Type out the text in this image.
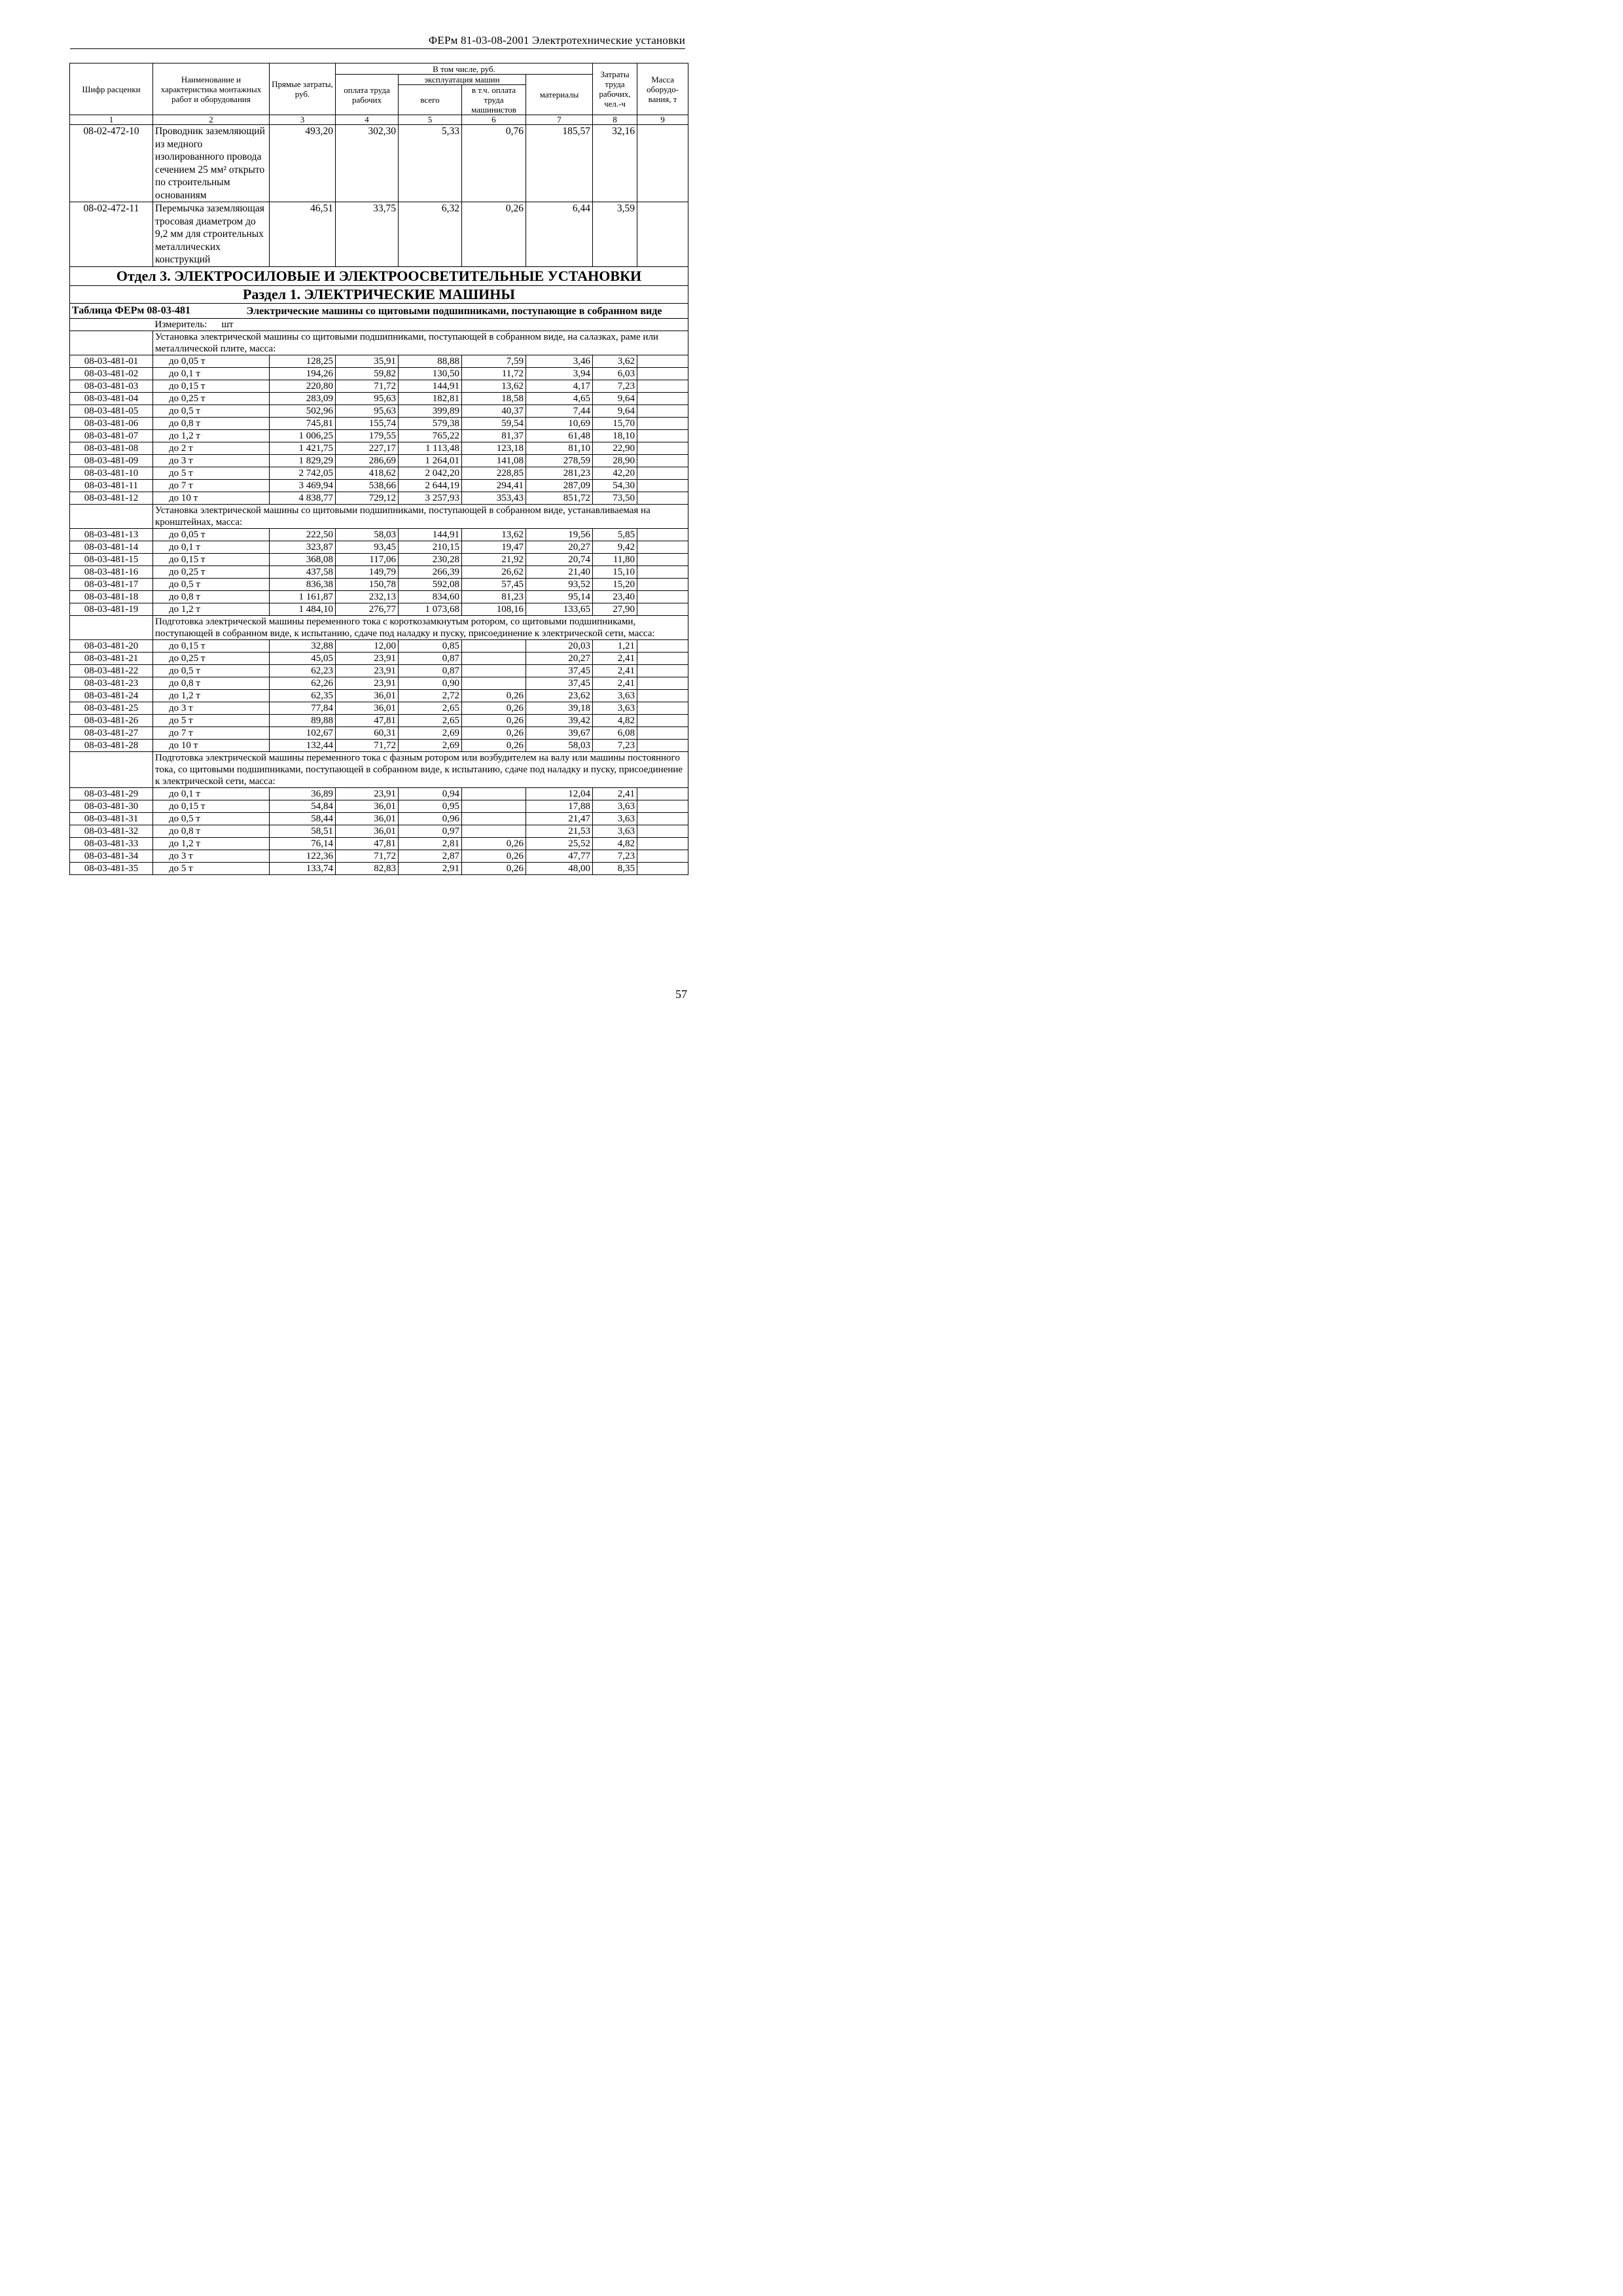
ФЕРм 81-03-08-2001 Электротехнические установки
Шифр расценки	Наименование и характеристика монтажных работ и оборудования	Прямые затраты, руб.	В том числе, руб.				Затраты труда рабочих, чел.-ч	Масса оборудо-вания, т
			оплата труда рабочих	эксплуатация машин		материалы		
				всего	в т.ч. оплата труда машинистов			
1	2	3	4	5	6	7	8	9
08-02-472-10	Проводник заземляющий из медного изолированного провода сечением 25 мм² открыто по строительным основаниям	493,20	302,30	5,33	0,76	185,57	32,16	
08-02-472-11	Перемычка заземляющая тросовая диаметром до 9,2 мм для строительных металлических конструкций	46,51	33,75	6,32	0,26	6,44	3,59	
Отдел 3. ЭЛЕКТРОСИЛОВЫЕ И ЭЛЕКТРООСВЕТИТЕЛЬНЫЕ УСТАНОВКИ								
Раздел 1. ЭЛЕКТРИЧЕСКИЕ МАШИНЫ								
Таблица ФЕРм 08-03-481		Электрические машины со щитовыми подшипниками, поступающие в собранном виде						

	Измеритель: шт							
	Установка электрической машины со щитовыми подшипниками, поступающей в собранном виде, на салазках, раме или металлической плите, масса:							
08-03-481-01	до 0,05 т	128,25	35,91	88,88	7,59	3,46	3,62	
08-03-481-02	до 0,1 т	194,26	59,82	130,50	11,72	3,94	6,03	
08-03-481-03	до 0,15 т	220,80	71,72	144,91	13,62	4,17	7,23	
08-03-481-04	до 0,25 т	283,09	95,63	182,81	18,58	4,65	9,64	
08-03-481-05	до 0,5 т	502,96	95,63	399,89	40,37	7,44	9,64	
08-03-481-06	до 0,8 т	745,81	155,74	579,38	59,54	10,69	15,70	
08-03-481-07	до 1,2 т	1 006,25	179,55	765,22	81,37	61,48	18,10	
08-03-481-08	до 2 т	1 421,75	227,17	1 113,48	123,18	81,10	22,90	
08-03-481-09	до 3 т	1 829,29	286,69	1 264,01	141,08	278,59	28,90	
08-03-481-10	до 5 т	2 742,05	418,62	2 042,20	228,85	281,23	42,20	
08-03-481-11	до 7 т	3 469,94	538,66	2 644,19	294,41	287,09	54,30	
08-03-481-12	до 10 т	4 838,77	729,12	3 257,93	353,43	851,72	73,50	
	Установка электрической машины со щитовыми подшипниками, поступающей в собранном виде, устанавливаемая на кронштейнах, масса:							
08-03-481-13	до 0,05 т	222,50	58,03	144,91	13,62	19,56	5,85	
08-03-481-14	до 0,1 т	323,87	93,45	210,15	19,47	20,27	9,42	
08-03-481-15	до 0,15 т	368,08	117,06	230,28	21,92	20,74	11,80	
08-03-481-16	до 0,25 т	437,58	149,79	266,39	26,62	21,40	15,10	
08-03-481-17	до 0,5 т	836,38	150,78	592,08	57,45	93,52	15,20	
08-03-481-18	до 0,8 т	1 161,87	232,13	834,60	81,23	95,14	23,40	
08-03-481-19	до 1,2 т	1 484,10	276,77	1 073,68	108,16	133,65	27,90	
	Подготовка электрической машины переменного тока с короткозамкнутым ротором, со щитовыми подшипниками, поступающей в собранном виде, к испытанию, сдаче под наладку и пуску, присоединение к электрической сети, масса:							
08-03-481-20	до 0,15 т	32,88	12,00	0,85		20,03	1,21	
08-03-481-21	до 0,25 т	45,05	23,91	0,87		20,27	2,41	
08-03-481-22	до 0,5 т	62,23	23,91	0,87		37,45	2,41	
08-03-481-23	до 0,8 т	62,26	23,91	0,90		37,45	2,41	
08-03-481-24	до 1,2 т	62,35	36,01	2,72	0,26	23,62	3,63	
08-03-481-25	до 3 т	77,84	36,01	2,65	0,26	39,18	3,63	
08-03-481-26	до 5 т	89,88	47,81	2,65	0,26	39,42	4,82	
08-03-481-27	до 7 т	102,67	60,31	2,69	0,26	39,67	6,08	
08-03-481-28	до 10 т	132,44	71,72	2,69	0,26	58,03	7,23	
	Подготовка электрической машины переменного тока с фазным ротором или возбудителем на валу или машины постоянного тока, со щитовыми подшипниками, поступающей в собранном виде, к испытанию, сдаче под наладку и пуску, присоединение к электрической сети, масса:							
08-03-481-29	до 0,1 т	36,89	23,91	0,94		12,04	2,41	
08-03-481-30	до 0,15 т	54,84	36,01	0,95		17,88	3,63	
08-03-481-31	до 0,5 т	58,44	36,01	0,96		21,47	3,63	
08-03-481-32	до 0,8 т	58,51	36,01	0,97		21,53	3,63	
08-03-481-33	до 1,2 т	76,14	47,81	2,81	0,26	25,52	4,82	
08-03-481-34	до 3 т	122,36	71,72	2,87	0,26	47,77	7,23	
08-03-481-35	до 5 т	133,74	82,83	2,91	0,26	48,00	8,35	
57
